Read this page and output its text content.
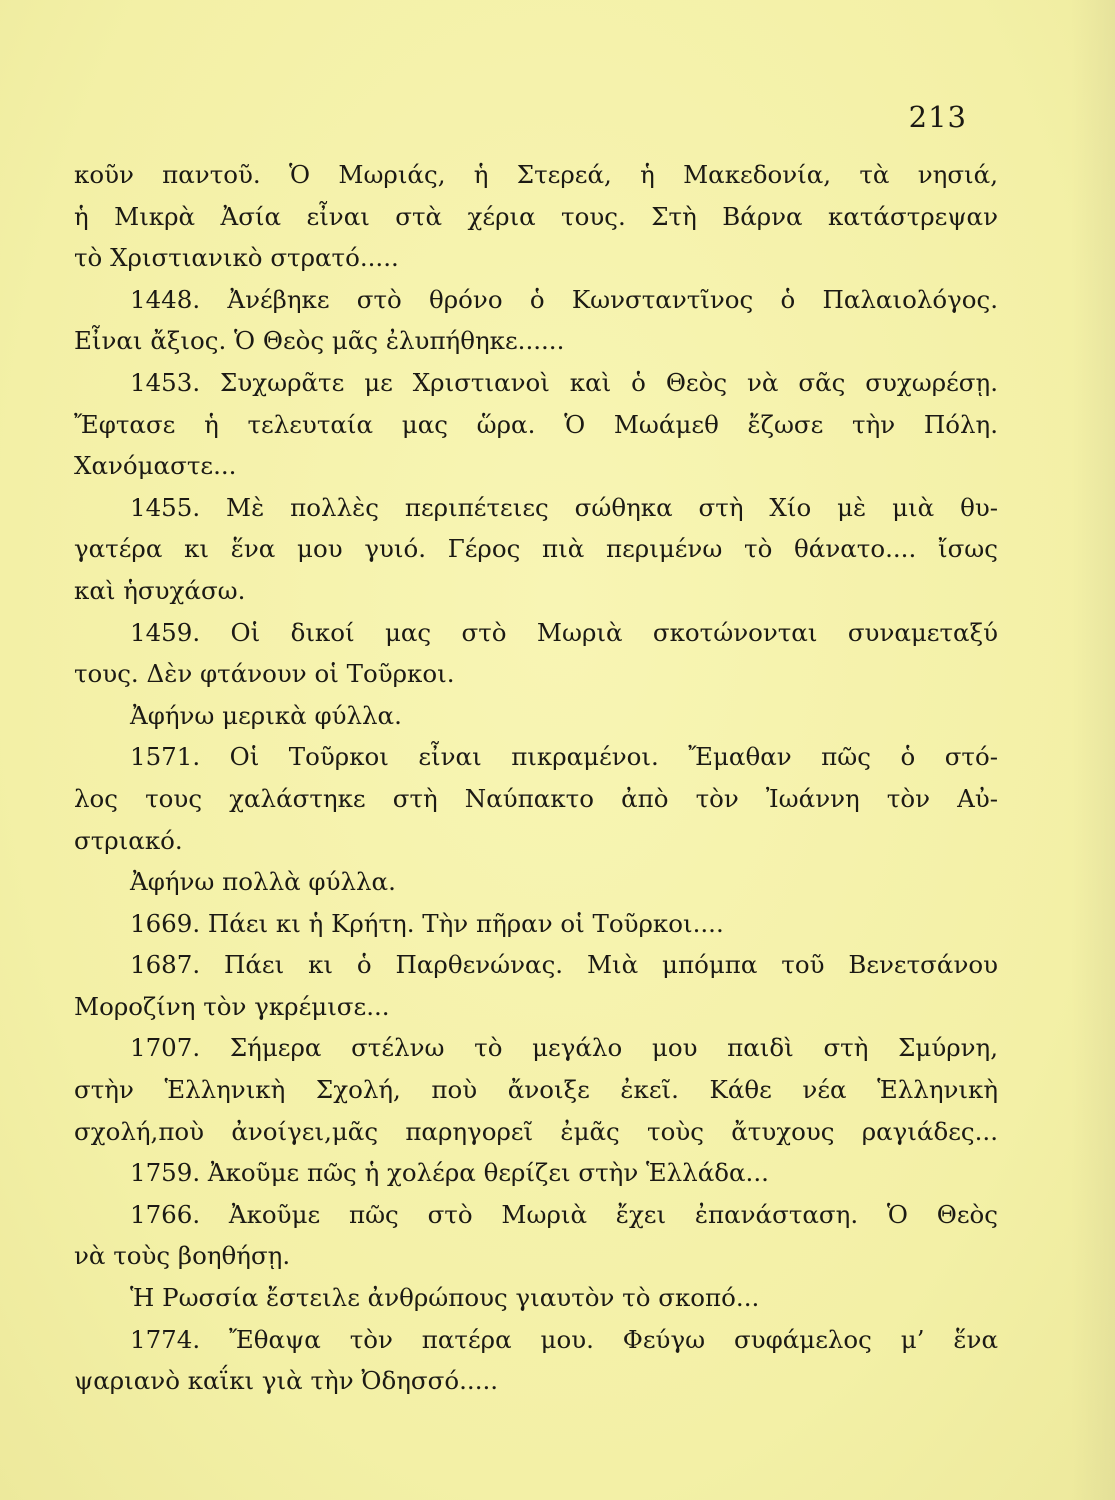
213
κοῦν παντοῦ. Ὁ Μωριάς, ἡ Στερεά, ἡ Μακεδονία, τὰ νησιά,
ἡ Μικρὰ Ἀσία εἶναι στὰ χέρια τους. Στὴ Βάρνα κατάστρεψαν
τὸ Χριστιανικὸ στρατό.....
1448. Ἀνέβηκε στὸ θρόνο ὁ Κωνσταντῖνος ὁ Παλαιολόγος.
Εἶναι ἄξιος. Ὁ Θεὸς μᾶς ἐλυπήθηκε......
1453. Συχωρᾶτε με Χριστιανοὶ καὶ ὁ Θεὸς νὰ σᾶς συχωρέσῃ.
Ἔφτασε ἡ τελευταία μας ὥρα. Ὁ Μωάμεθ ἔζωσε τὴν Πόλη.
Χανόμαστε...
1455. Μὲ πολλὲς περιπέτειες σώθηκα στὴ Χίο μὲ μιὰ θυ-
γατέρα κι ἕνα μου γυιό. Γέρος πιὰ περιμένω τὸ θάνατο.... ἴσως
καὶ ἡσυχάσω.
1459. Οἱ δικοί μας στὸ Μωριὰ σκοτώνονται συναμεταξύ
τους. Δὲν φτάνουν οἱ Τοῦρκοι.
Ἀφήνω μερικὰ φύλλα.
1571. Οἱ Τοῦρκοι εἶναι πικραμένοι. Ἔμαθαν πῶς ὁ στό-
λος τους χαλάστηκε στὴ Ναύπακτο ἀπὸ τὸν Ἰωάννη τὸν Αὐ-
στριακό.
Ἀφήνω πολλὰ φύλλα.
1669. Πάει κι ἡ Κρήτη. Τὴν πῆραν οἱ Τοῦρκοι....
1687. Πάει κι ὁ Παρθενώνας. Μιὰ μπόμπα τοῦ Βενετσάνου
Μοροζίνη τὸν γκρέμισε...
1707. Σήμερα στέλνω τὸ μεγάλο μου παιδὶ στὴ Σμύρνη,
στὴν Ἑλληνικὴ Σχολή, ποὺ ἄνοιξε ἐκεῖ. Κάθε νέα Ἑλληνικὴ
σχολή,ποὺ ἀνοίγει,μᾶς παρηγορεῖ ἐμᾶς τοὺς ἄτυχους ραγιάδες...
1759. Ἀκοῦμε πῶς ἡ χολέρα θερίζει στὴν Ἑλλάδα...
1766. Ἀκοῦμε πῶς στὸ Μωριὰ ἔχει ἐπανάσταση. Ὁ Θεὸς
νὰ τοὺς βοηθήσῃ.
Ἡ Ρωσσία ἔστειλε ἀνθρώπους γιαυτὸν τὸ σκοπό...
1774. Ἔθαψα τὸν πατέρα μου. Φεύγω συφάμελος μ’ ἕνα
ψαριανὸ καΐκι γιὰ τὴν Ὀδησσό.....
